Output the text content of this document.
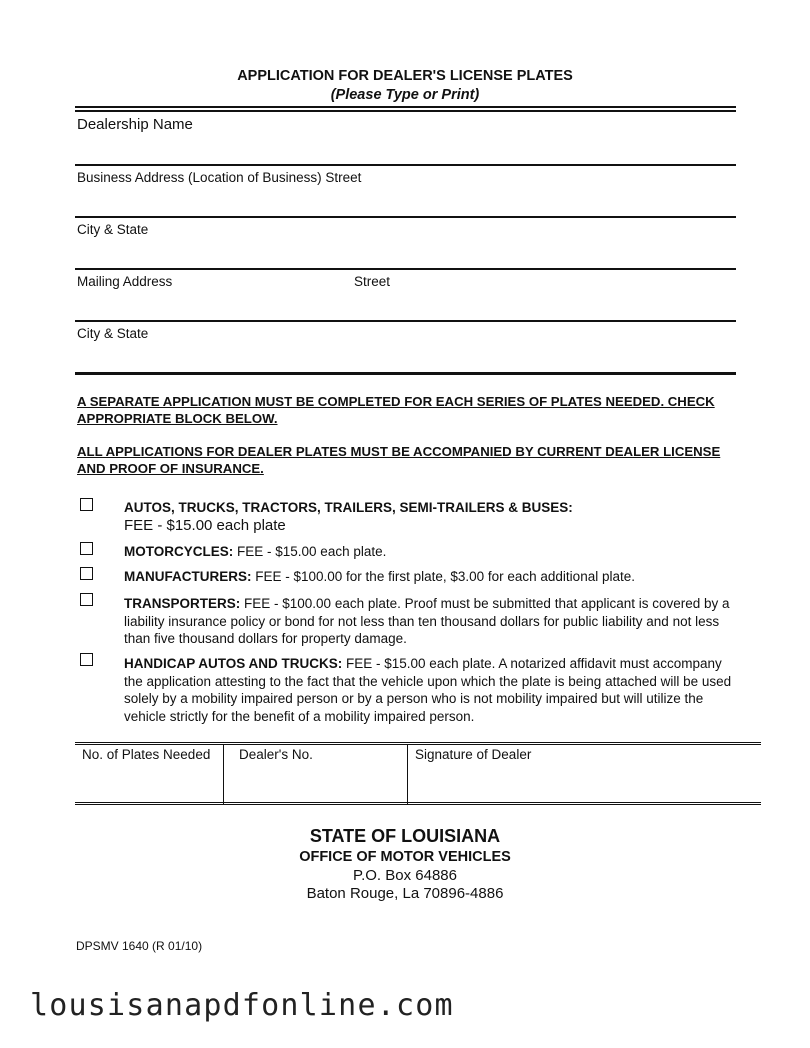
APPLICATION FOR DEALER'S LICENSE PLATES
(Please Type or Print)
Dealership Name
Business Address (Location of Business) Street
City & State
Mailing Address	Street
City & State
A SEPARATE APPLICATION MUST BE COMPLETED FOR EACH SERIES OF PLATES NEEDED. CHECK APPROPRIATE BLOCK BELOW.
ALL APPLICATIONS FOR DEALER PLATES MUST BE ACCOMPANIED BY CURRENT DEALER LICENSE AND PROOF OF INSURANCE.
AUTOS, TRUCKS, TRACTORS, TRAILERS, SEMI-TRAILERS & BUSES:
FEE - $15.00 each plate
MOTORCYCLES: FEE - $15.00 each plate.
MANUFACTURERS: FEE - $100.00 for the first plate, $3.00 for each additional plate.
TRANSPORTERS: FEE - $100.00 each plate. Proof must be submitted that applicant is covered by a liability insurance policy or bond for not less than ten thousand dollars for public liability and not less than five thousand dollars for property damage.
HANDICAP AUTOS AND TRUCKS: FEE - $15.00 each plate. A notarized affidavit must accompany the application attesting to the fact that the vehicle upon which the plate is being attached will be used solely by a mobility impaired person or by a person who is not mobility impaired but will utilize the vehicle strictly for the benefit of a mobility impaired person.
No. of Plates Needed Dealer's No.	Signature of Dealer
STATE OF LOUISIANA
OFFICE OF MOTOR VEHICLES
P.O. Box 64886
Baton Rouge, La 70896-4886
DPSMV 1640 (R 01/10)
lousisanapdfonline.com
